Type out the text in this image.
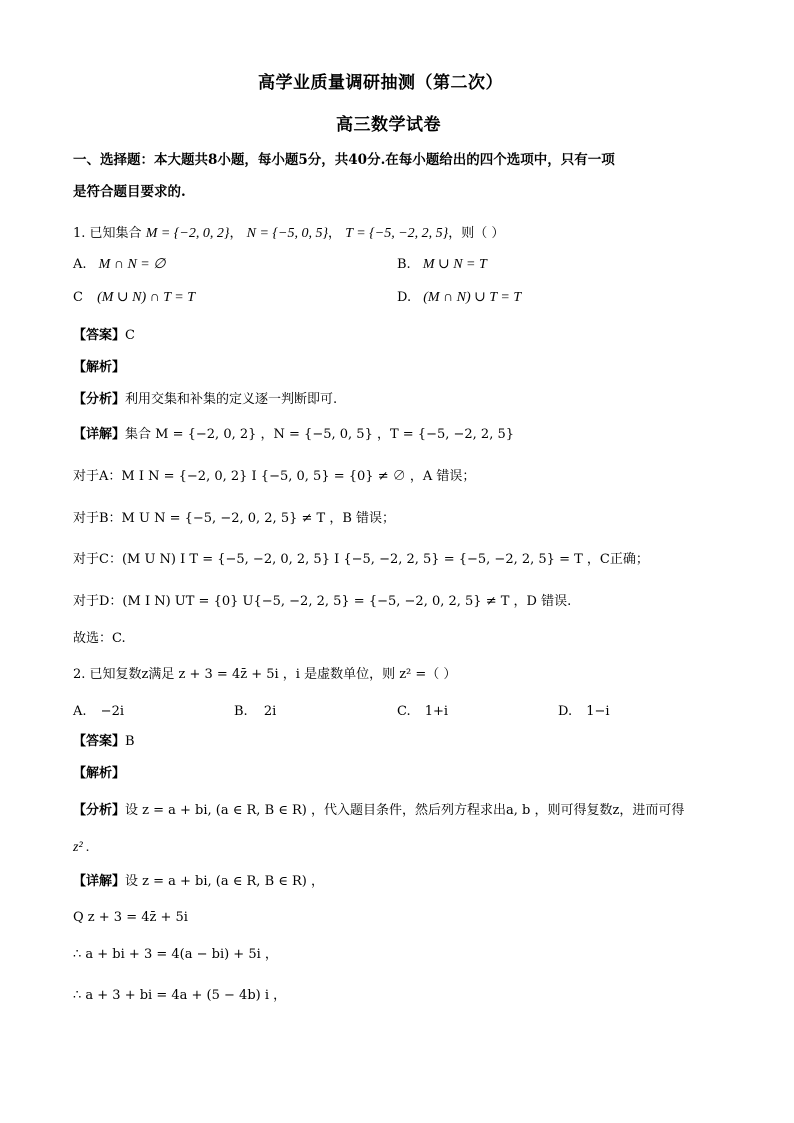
高学业质量调研抽测（第二次）
高三数学试卷
一、选择题：本大题共8小题，每小题5分，共40分.在每小题给出的四个选项中，只有一项
是符合题目要求的.
1. 已知集合 M = {−2, 0, 2}， N = {−5, 0, 5}， T = {−5, −2, 2, 5}，则（ ）
A. M ∩ N = ∅	B. M ∪ N = T
C (M ∪ N) ∩ T = T	D. (M ∩ N) ∪ T = T
【答案】C
【解析】
【分析】利用交集和补集的定义逐一判断即可.
【详解】集合 M = {−2, 0, 2} ，N = {−5, 0, 5} ，T = {−5, −2, 2, 5}
对于A：M I N = {−2, 0, 2} I {−5, 0, 5} = {0} ≠ ∅ ，A 错误；
对于B：M U N = {−5, −2, 0, 2, 5} ≠ T ，B 错误；
对于C：(M U N) I T = {−5, −2, 0, 2, 5} I {−5, −2, 2, 5} = {−5, −2, 2, 5} = T ，C正确；
对于D：(M I N) UT = {0} U{−5, −2, 2, 5} = {−5, −2, 0, 2, 5} ≠ T ，D 错误.
故选：C.
2. 已知复数z满足 z + 3 = 4z̄ + 5i ，i 是虚数单位，则 z² =（ ）
A. −2i	B. 2i	C. 1+i	D. 1−i
【答案】B
【解析】
【分析】设 z = a + bi, (a ∈ R, B ∈ R) ，代入题目条件，然后列方程求出a, b ，则可得复数z，进而可得
z² .
【详解】设 z = a + bi, (a ∈ R, B ∈ R) ，
Q z + 3 = 4z̄ + 5i
∴ a + bi + 3 = 4(a − bi) + 5i ，
∴ a + 3 + bi = 4a + (5 − 4b) i ，
